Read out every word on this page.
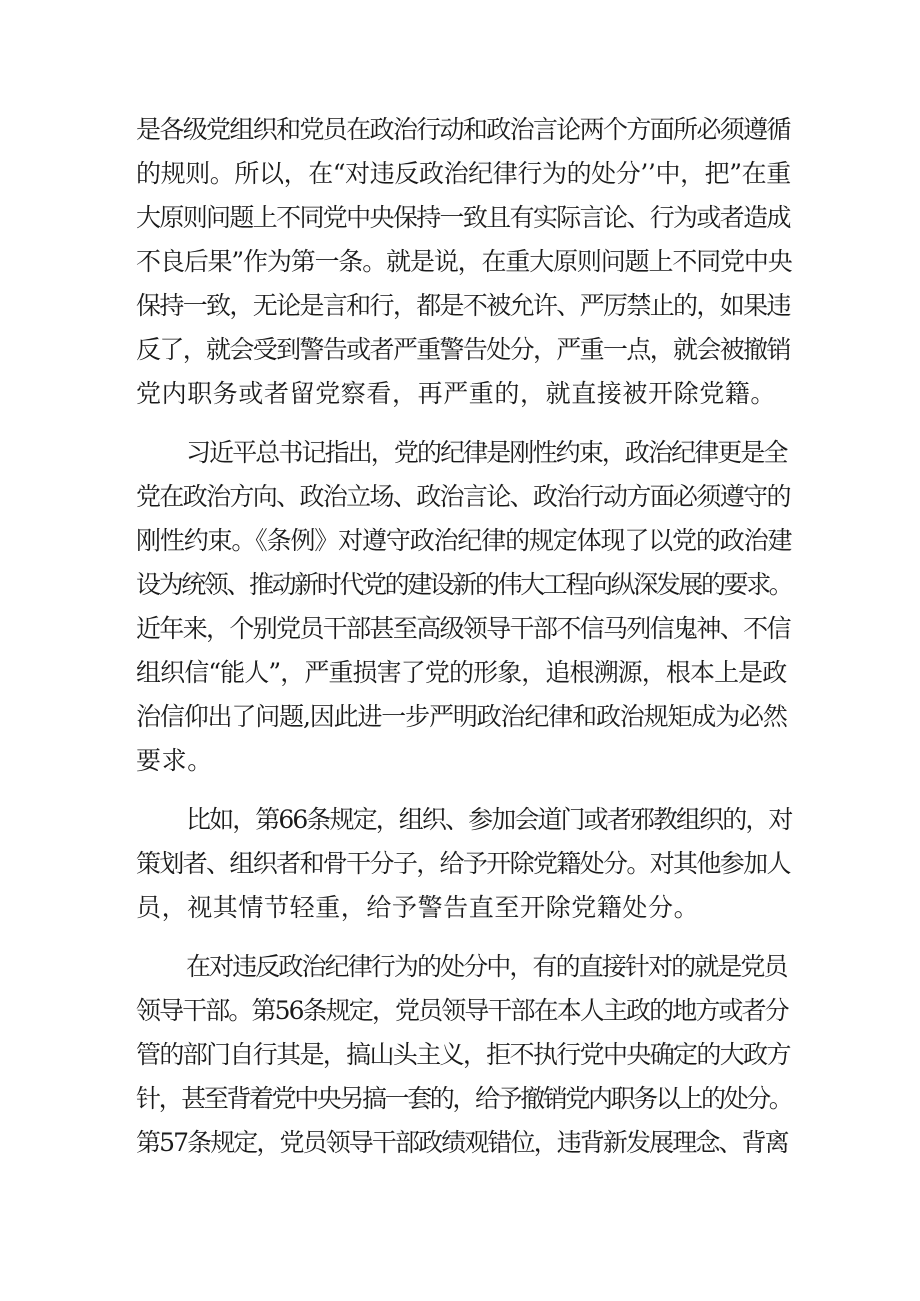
是各级党组织和党员在政治行动和政治言论两个方面所必须遵循
的规则。所以，在“对违反政治纪律行为的处分’’中，把”在重
大原则问题上不同党中央保持一致且有实际言论、行为或者造成
不良后果”作为第一条。就是说，在重大原则问题上不同党中央
保持一致，无论是言和行，都是不被允许、严厉禁止的，如果违
反了，就会受到警告或者严重警告处分，严重一点，就会被撤销
党内职务或者留党察看，再严重的，就直接被开除党籍。
习近平总书记指出，党的纪律是刚性约束，政治纪律更是全
党在政治方向、政治立场、政治言论、政治行动方面必须遵守的
刚性约束。《条例》对遵守政治纪律的规定体现了以党的政治建
设为统领、推动新时代党的建设新的伟大工程向纵深发展的要求。
近年来，个别党员干部甚至高级领导干部不信马列信鬼神、不信
组织信“能人”，严重损害了党的形象，追根溯源，根本上是政
治信仰出了问题,因此进一步严明政治纪律和政治规矩成为必然
要求。
比如，第66条规定，组织、参加会道门或者邪教组织的，对
策划者、组织者和骨干分子，给予开除党籍处分。对其他参加人
员，视其情节轻重，给予警告直至开除党籍处分。
在对违反政治纪律行为的处分中，有的直接针对的就是党员
领导干部。第56条规定，党员领导干部在本人主政的地方或者分
管的部门自行其是，搞山头主义，拒不执行党中央确定的大政方
针，甚至背着党中央另搞一套的，给予撤销党内职务以上的处分。
第57条规定，党员领导干部政绩观错位，违背新发展理念、背离
